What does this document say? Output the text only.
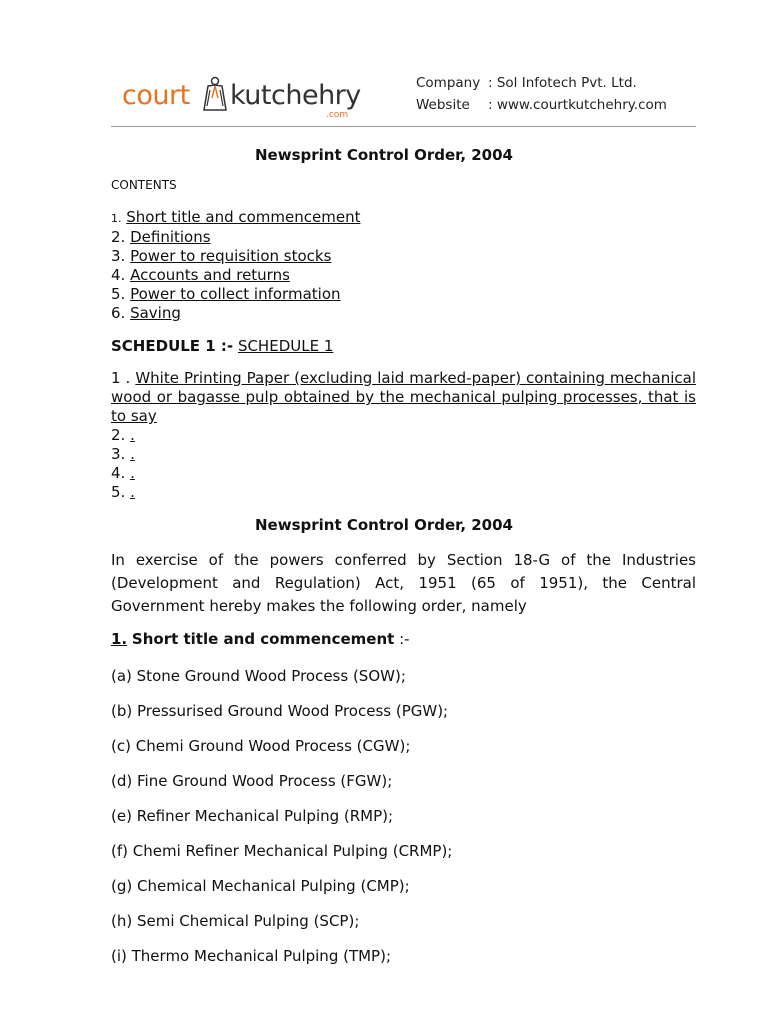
court kutchehry
.com
Company : Sol Infotech Pvt. Ltd.
Website	: www.courtkutchehry.com
Newsprint Control Order, 2004
CONTENTS
1. Short title and commencement
2. Definitions
3. Power to requisition stocks
4. Accounts and returns
5. Power to collect information
6. Saving
SCHEDULE 1 :- SCHEDULE 1
1 . White Printing Paper (excluding laid marked-paper) containing mechanical wood or bagasse pulp obtained by the mechanical pulping processes, that is to say
2. .
3. .
4. .
5. .
Newsprint Control Order, 2004
In exercise of the powers conferred by Section 18-G of the Industries (Development and Regulation) Act, 1951 (65 of 1951), the Central Government hereby makes the following order, namely
1. Short title and commencement :-
(a) Stone Ground Wood Process (SOW);
(b) Pressurised Ground Wood Process (PGW);
(c) Chemi Ground Wood Process (CGW);
(d) Fine Ground Wood Process (FGW);
(e) Refiner Mechanical Pulping (RMP);
(f) Chemi Refiner Mechanical Pulping (CRMP);
(g) Chemical Mechanical Pulping (CMP);
(h) Semi Chemical Pulping (SCP);
(i) Thermo Mechanical Pulping (TMP);
